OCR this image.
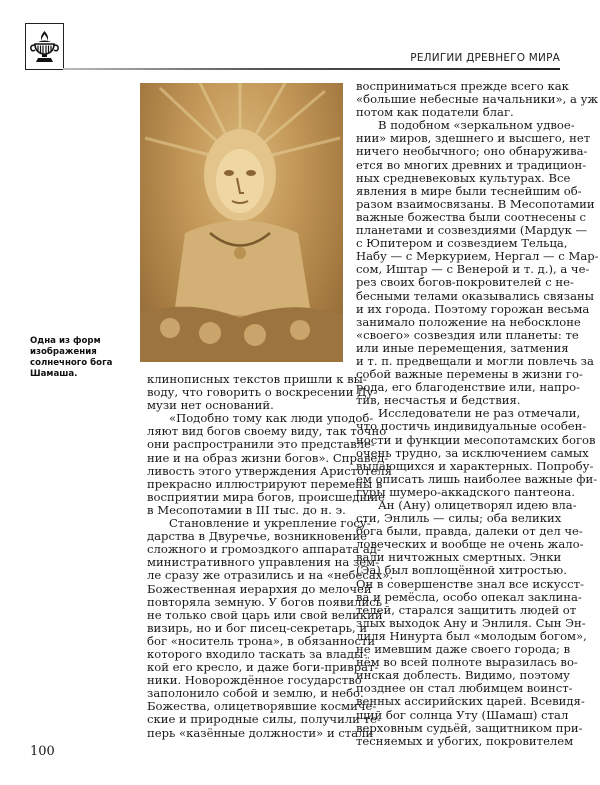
РЕЛИГИИ ДРЕВНЕГО МИРА
Одна из форм изображения солнечного бога Шамаша.	клинописных текстов пришли к вы-
воду, что говорить о воскресении Ду-
музи нет оснований.
«Подобно тому как люди уподоб-
ляют вид богов своему виду, так точно
они распространили это представле-
ние и на образ жизни богов». Справед-
ливость этого утверждения Аристотеля
прекрасно иллюстрируют перемены в
восприятии мира богов, происшедшие
в Месопотамии в III тыс. до н. э.
Становление и укрепление госу-
дарства в Двуречье, возникновение
сложного и громоздкого аппарата ад-
министративного управления на зем-
ле сразу же отразились и на «небесах».
Божественная иерархия до мелочей
повторяла земную. У богов появились
не только свой царь или свой великий
визирь, но и бог писец-секретарь, и
бог «носитель трона», в обязанности
которого входило таскать за влады-
кой его кресло, и даже боги-приврат-
ники. Новорождённое государство
заполонило собой и землю, и небо.
Божества, олицетворявшие космиче-
ские и природные силы, получили те-
перь «казённые должности» и стали
восприниматься прежде всего как
«большие небесные начальники», а уж
потом как податели благ.
В подобном «зеркальном удвое-
нии» миров, здешнего и высшего, нет
ничего необычного; оно обнаружива-
ется во многих древних и традицион-
ных средневековых культурах. Все
явления в мире были теснейшим об-
разом взаимосвязаны. В Месопотамии
важные божества были соотнесены с
планетами и созвездиями (Мардук —
с Юпитером и созвездием Тельца,
Набу — с Меркурием, Нергал — с Мар-
сом, Иштар — с Венерой и т. д.), а че-
рез своих богов-покровителей с не-
бесными телами оказывались связаны
и их города. Поэтому горожан весьма
занимало положение на небосклоне
«своего» созвездия или планеты: те
или иные перемещения, затмения
и т. п. предвещали и могли повлечь за
собой важные перемены в жизни го-
рода, его благоденствие или, напро-
тив, несчастья и бедствия.
Исследователи не раз отмечали,
что постичь индивидуальные особен-
ности и функции месопотамских богов
очень трудно, за исключением самых
выдающихся и характерных. Попробу-
ем описать лишь наиболее важные фи-
гуры шумеро-аккадского пантеона.
Ан (Ану) олицетворял идею вла-
сти, Энлиль — силы; оба великих
бога были, правда, далеки от дел че-
ловеческих и вообще не очень жало-
вали ничтожных смертных. Энки
(Эа) был воплощённой хитростью.
Он в совершенстве знал все искусст-
ва и ремёсла, особо опекал заклина-
телей, старался защитить людей от
злых выходок Ану и Энлиля. Сын Эн-
лиля Нинурта был «молодым богом»,
не имевшим даже своего города; в
нём во всей полноте выразилась во-
инская доблесть. Видимо, поэтому
позднее он стал любимцем воинст-
венных ассирийских царей. Всевидя-
щий бог солнца Уту (Шамаш) стал
верховным судьёй, защитником при-
тесняемых и убогих, покровителем
100
